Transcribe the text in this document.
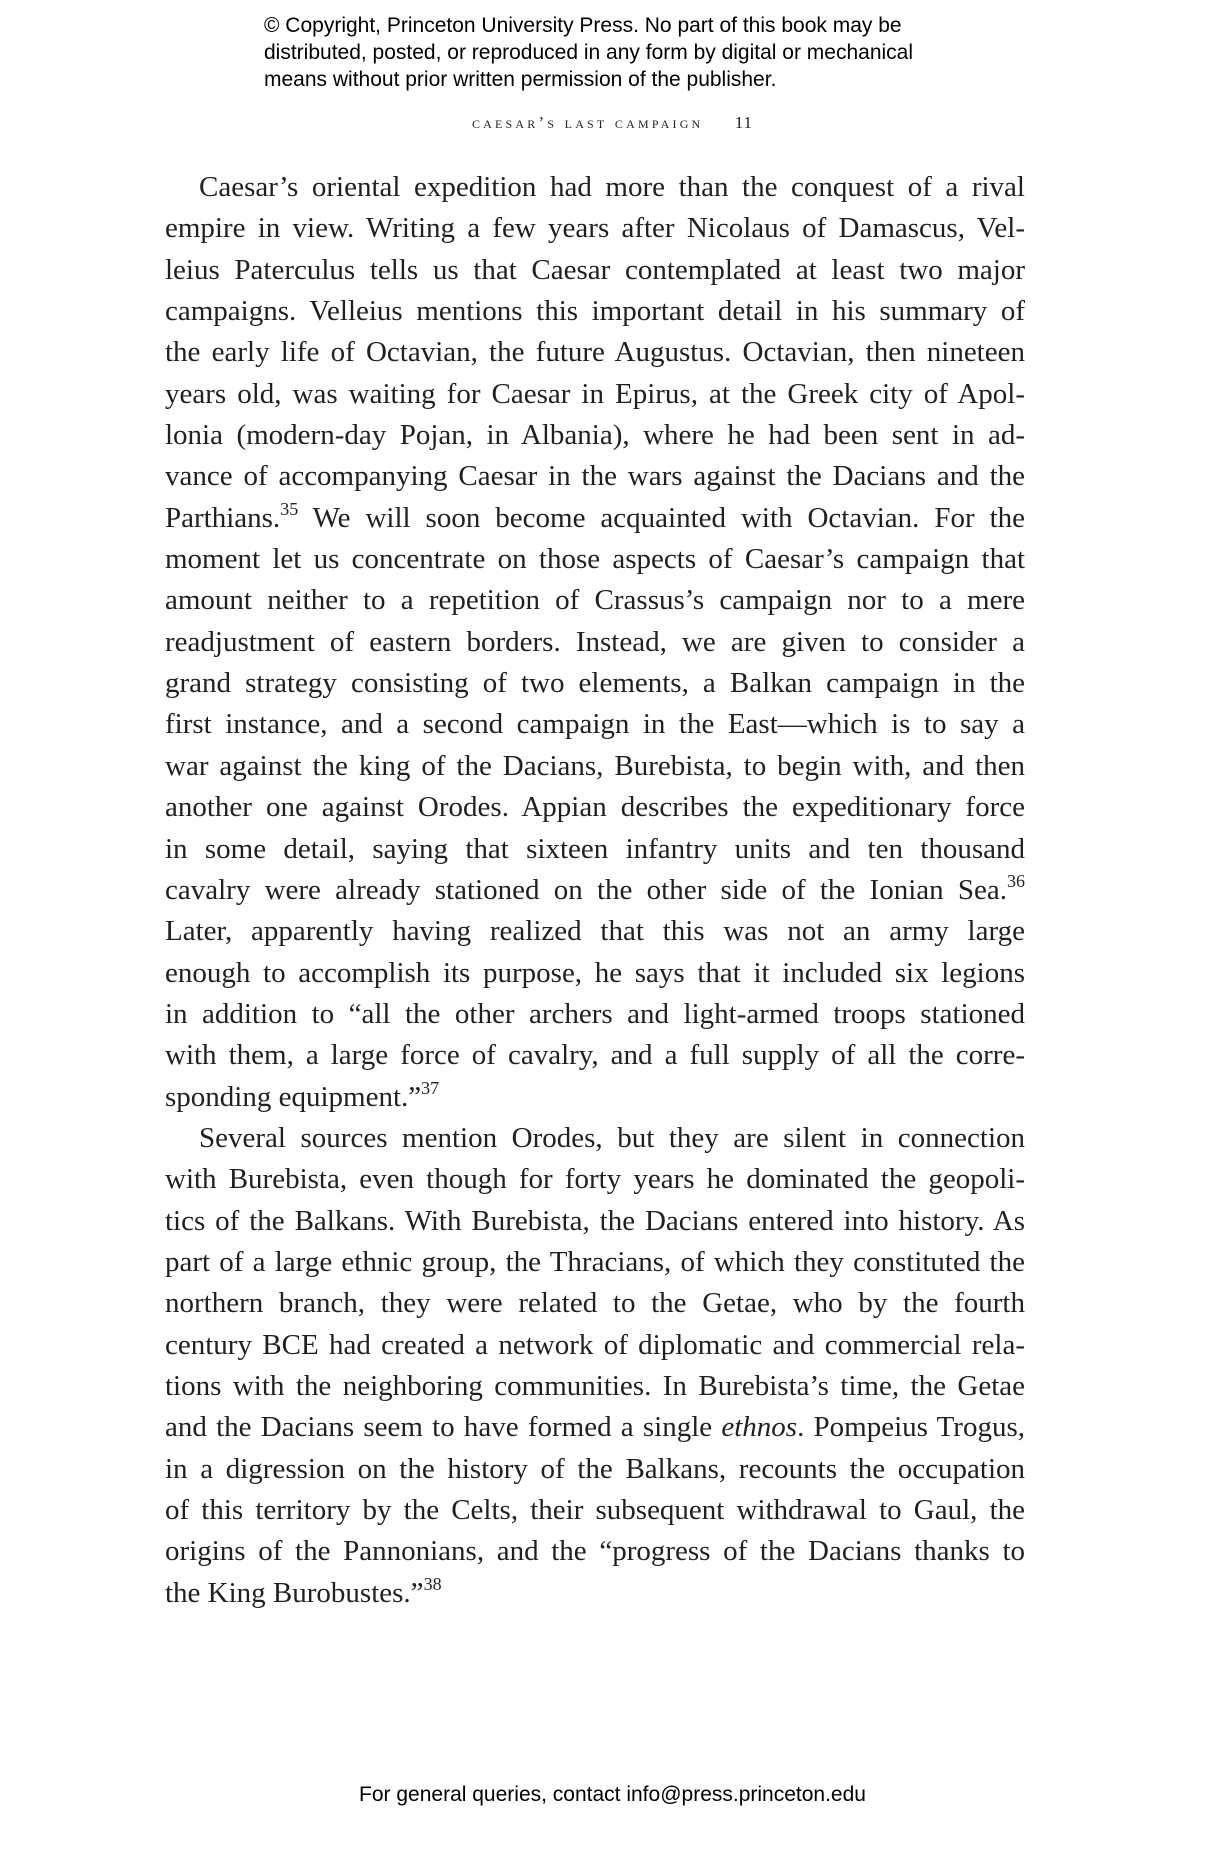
© Copyright, Princeton University Press. No part of this book may be
distributed, posted, or reproduced in any form by digital or mechanical
means without prior written permission of the publisher.
caesar’s last campaign 11
Caesar’s oriental expedition had more than the conquest of a rival
empire in view. Writing a few years after Nicolaus of Damascus, Vel-
leius Paterculus tells us that Caesar contemplated at least two major
campaigns. Velleius mentions this important detail in his summary of
the early life of Octavian, the future Augustus. Octavian, then nineteen
years old, was waiting for Caesar in Epirus, at the Greek city of Apol-
lonia (modern-day Pojan, in Albania), where he had been sent in ad-
vance of accompanying Caesar in the wars against the Dacians and the
Parthians.$^{35}$ We will soon become acquainted with Octavian. For the
moment let us concentrate on those aspects of Caesar’s campaign that
amount neither to a repetition of Crassus’s campaign nor to a mere
readjustment of eastern borders. Instead, we are given to consider a
grand strategy consisting of two elements, a Balkan campaign in the
first instance, and a second campaign in the East—which is to say a
war against the king of the Dacians, Burebista, to begin with, and then
another one against Orodes. Appian describes the expeditionary force
in some detail, saying that sixteen infantry units and ten thousand
cavalry were already stationed on the other side of the Ionian Sea.$^{36}$
Later, apparently having realized that this was not an army large
enough to accomplish its purpose, he says that it included six legions
in addition to “all the other archers and light-armed troops stationed
with them, a large force of cavalry, and a full supply of all the corre-
sponding equipment.”$^{37}$
Several sources mention Orodes, but they are silent in connection
with Burebista, even though for forty years he dominated the geopoli-
tics of the Balkans. With Burebista, the Dacians entered into history. As
part of a large ethnic group, the Thracians, of which they constituted the
northern branch, they were related to the Getae, who by the fourth
century BCE had created a network of diplomatic and commercial rela-
tions with the neighboring communities. In Burebista’s time, the Getae
and the Dacians seem to have formed a single ethnos. Pompeius Trogus,
in a digression on the history of the Balkans, recounts the occupation
of this territory by the Celts, their subsequent withdrawal to Gaul, the
origins of the Pannonians, and the “progress of the Dacians thanks to
the King Burobustes.”$^{38}$
For general queries, contact info@press.princeton.edu
